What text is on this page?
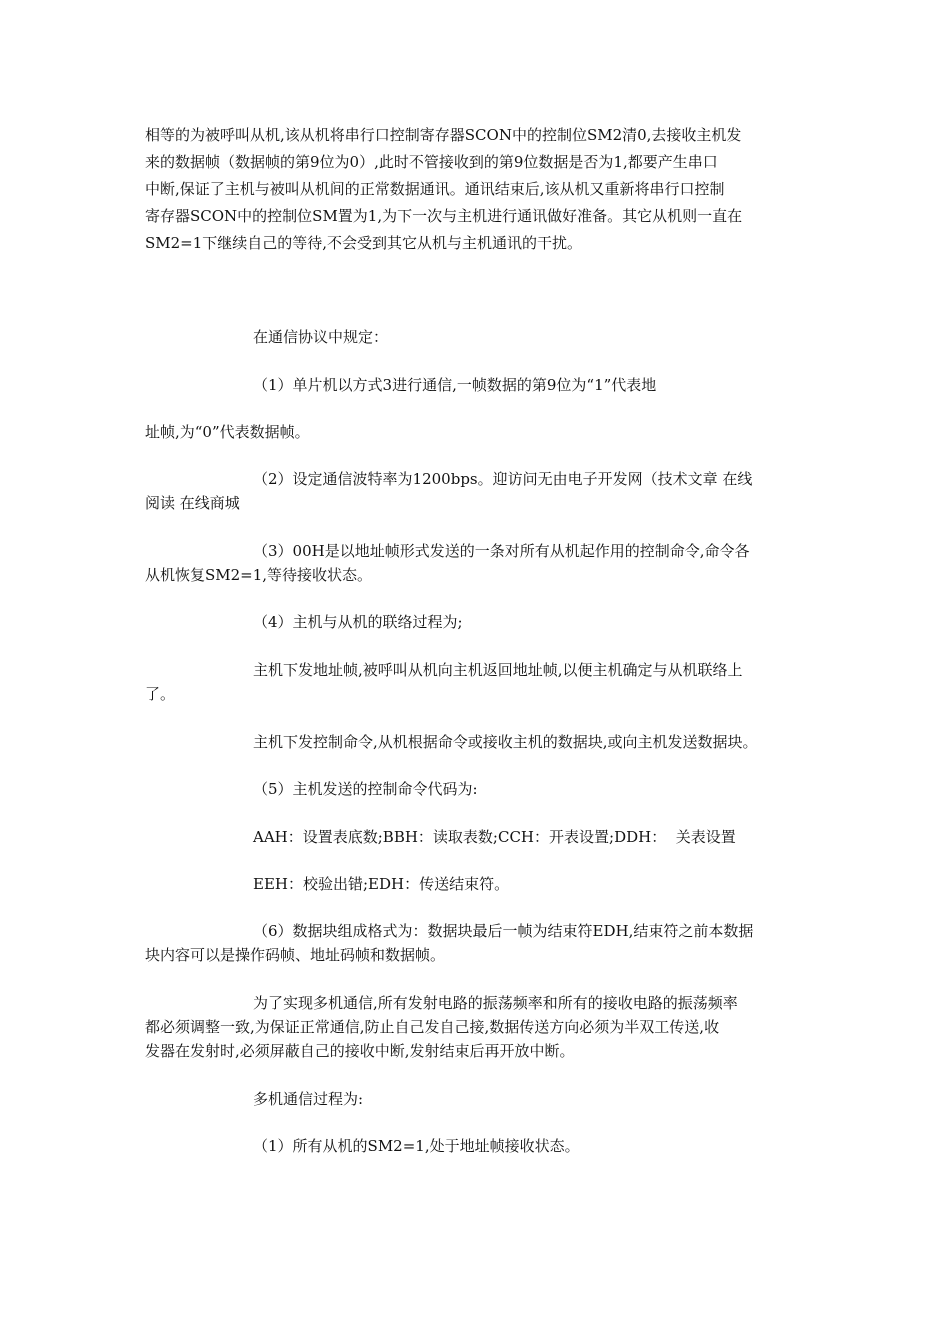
相等的为被呼叫从机,该从机将串行口控制寄存器SCON中的控制位SM2清0,去接收主机发

来的数据帧（数据帧的第9位为0）,此时不管接收到的第9位数据是否为1,都要产生串口

中断,保证了主机与被叫从机间的正常数据通讯。通讯结束后,该从机又重新将串行口控制

寄存器SCON中的控制位SM置为1,为下一次与主机进行通讯做好准备。其它从机则一直在

SM2=1下继续自己的等待,不会受到其它从机与主机通讯的干扰。

在通信协议中规定：

（1）单片机以方式3进行通信,一帧数据的第9位为“1”代表地

址帧,为“0”代表数据帧。

（2）设定通信波特率为1200bps。迎访问无由电子开发网（技术文章 在线

阅读 在线商城

（3）00H是以地址帧形式发送的一条对所有从机起作用的控制命令,命令各

从机恢复SM2=1,等待接收状态。

（4）主机与从机的联络过程为;

主机下发地址帧,被呼叫从机向主机返回地址帧,以便主机确定与从机联络上

了。

主机下发控制命令,从机根据命令或接收主机的数据块,或向主机发送数据块。

（5）主机发送的控制命令代码为:

AAH：设置表底数;BBH：读取表数;CCH：开表设置;DDH：  关表设置

EEH：校验出错;EDH：传送结束符。

（6）数据块组成格式为：数据块最后一帧为结束符EDH,结束符之前本数据

块内容可以是操作码帧、地址码帧和数据帧。

为了实现多机通信,所有发射电路的振荡频率和所有的接收电路的振荡频率

都必须调整一致,为保证正常通信,防止自己发自己接,数据传送方向必须为半双工传送,收

发器在发射时,必须屏蔽自己的接收中断,发射结束后再开放中断。

多机通信过程为:

（1）所有从机的SM2=1,处于地址帧接收状态。
